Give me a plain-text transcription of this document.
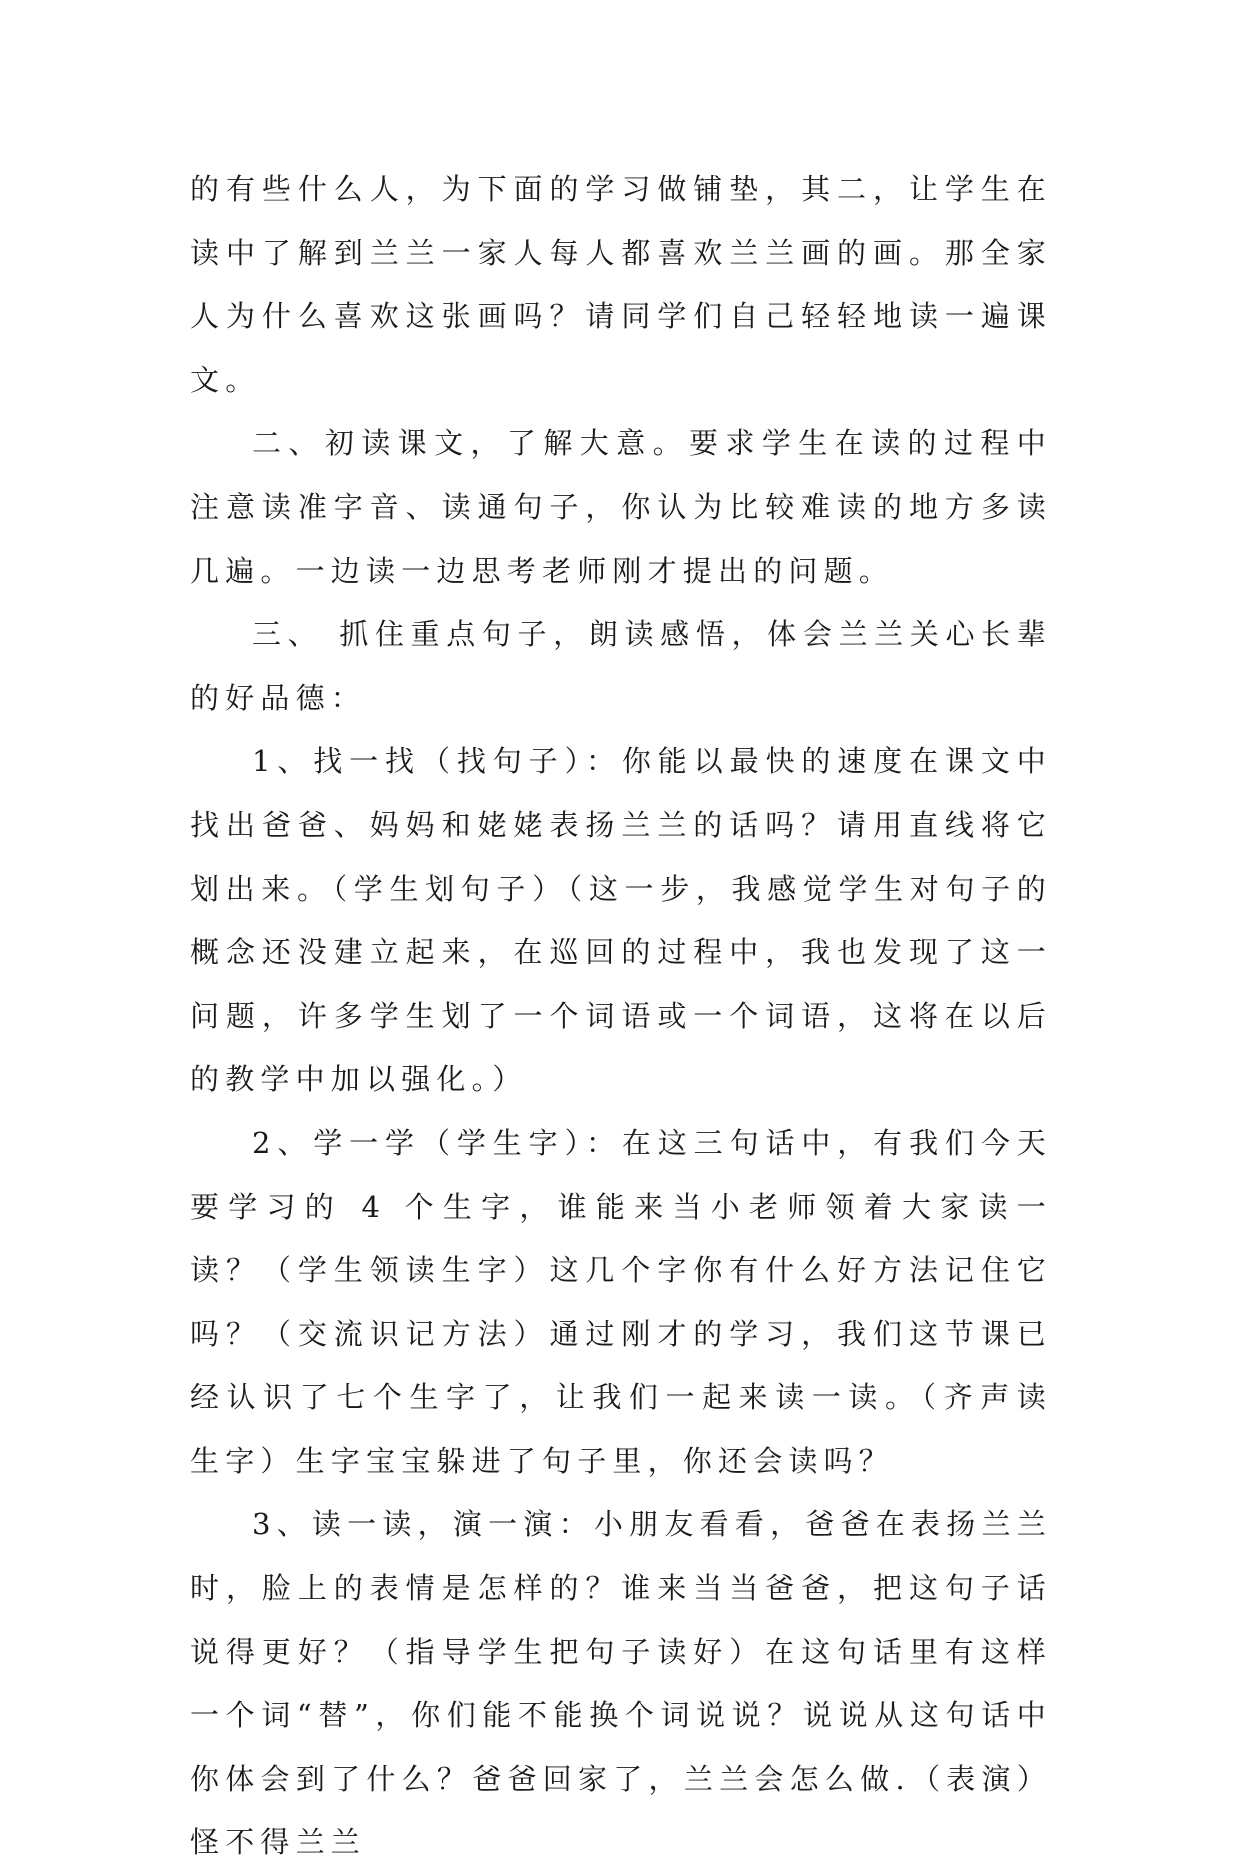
的有些什么人，为下面的学习做铺垫，其二，让学生在读中了解到兰兰一家人每人都喜欢兰兰画的画。那全家人为什么喜欢这张画吗？请同学们自己轻轻地读一遍课文。

二、初读课文，了解大意。要求学生在读的过程中注意读准字音、读通句子，你认为比较难读的地方多读几遍。一边读一边思考老师刚才提出的问题。

三、 抓住重点句子，朗读感悟，体会兰兰关心长辈的好品德：

1、找一找（找句子）：你能以最快的速度在课文中找出爸爸、妈妈和姥姥表扬兰兰的话吗？请用直线将它划出来。（学生划句子）（这一步，我感觉学生对句子的概念还没建立起来，在巡回的过程中，我也发现了这一问题，许多学生划了一个词语或一个词语，这将在以后的教学中加以强化。）

2、学一学（学生字）：在这三句话中，有我们今天要学习的 4 个生字，谁能来当小老师领着大家读一读？（学生领读生字）这几个字你有什么好方法记住它吗？（交流识记方法）通过刚才的学习，我们这节课已经认识了七个生字了，让我们一起来读一读。（齐声读生字）生字宝宝躲进了句子里，你还会读吗？

3、读一读，演一演：小朋友看看，爸爸在表扬兰兰时，脸上的表情是怎样的？谁来当当爸爸，把这句子话说得更好？（指导学生把句子读好）在这句话里有这样一个词“替”，你们能不能换个词说说？说说从这句话中你体会到了什么？爸爸回家了，兰兰会怎么做.（表演）怪不得兰兰
